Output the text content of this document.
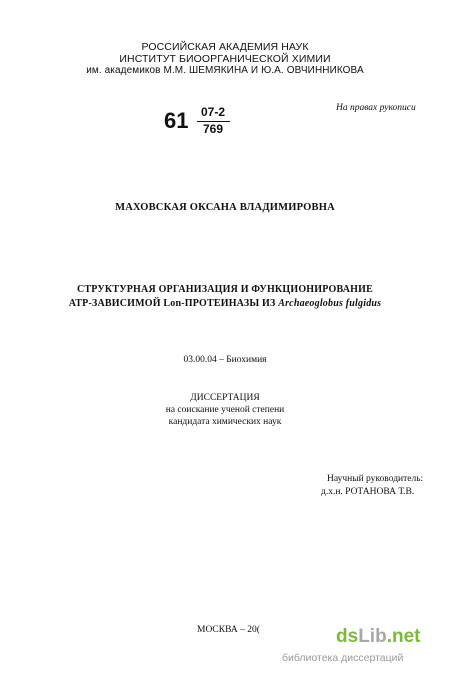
РОССИЙСКАЯ АКАДЕМИЯ НАУК
ИНСТИТУТ БИООРГАНИЧЕСКОЙ ХИМИИ
им. академиков М.М. ШЕМЯКИНА И Ю.А. ОВЧИННИКОВА
61	07-2
769
На правах рукописи
МАХОВСКАЯ ОКСАНА ВЛАДИМИРОВНА
СТРУКТУРНАЯ ОРГАНИЗАЦИЯ И ФУНКЦИОНИРОВАНИЕ
АТР-ЗАВИСИМОЙ Lon-ПРОТЕИНАЗЫ ИЗ Archaeoglobus fulgidus
03.00.04 – Биохимия
ДИССЕРТАЦИЯ
на соискание ученой степени
кандидата химических наук
Научный руководитель:
д.х.н. РОТАНОВА Т.В.
МОСКВА – 20(	dsLib.net
библиотека диссертаций
